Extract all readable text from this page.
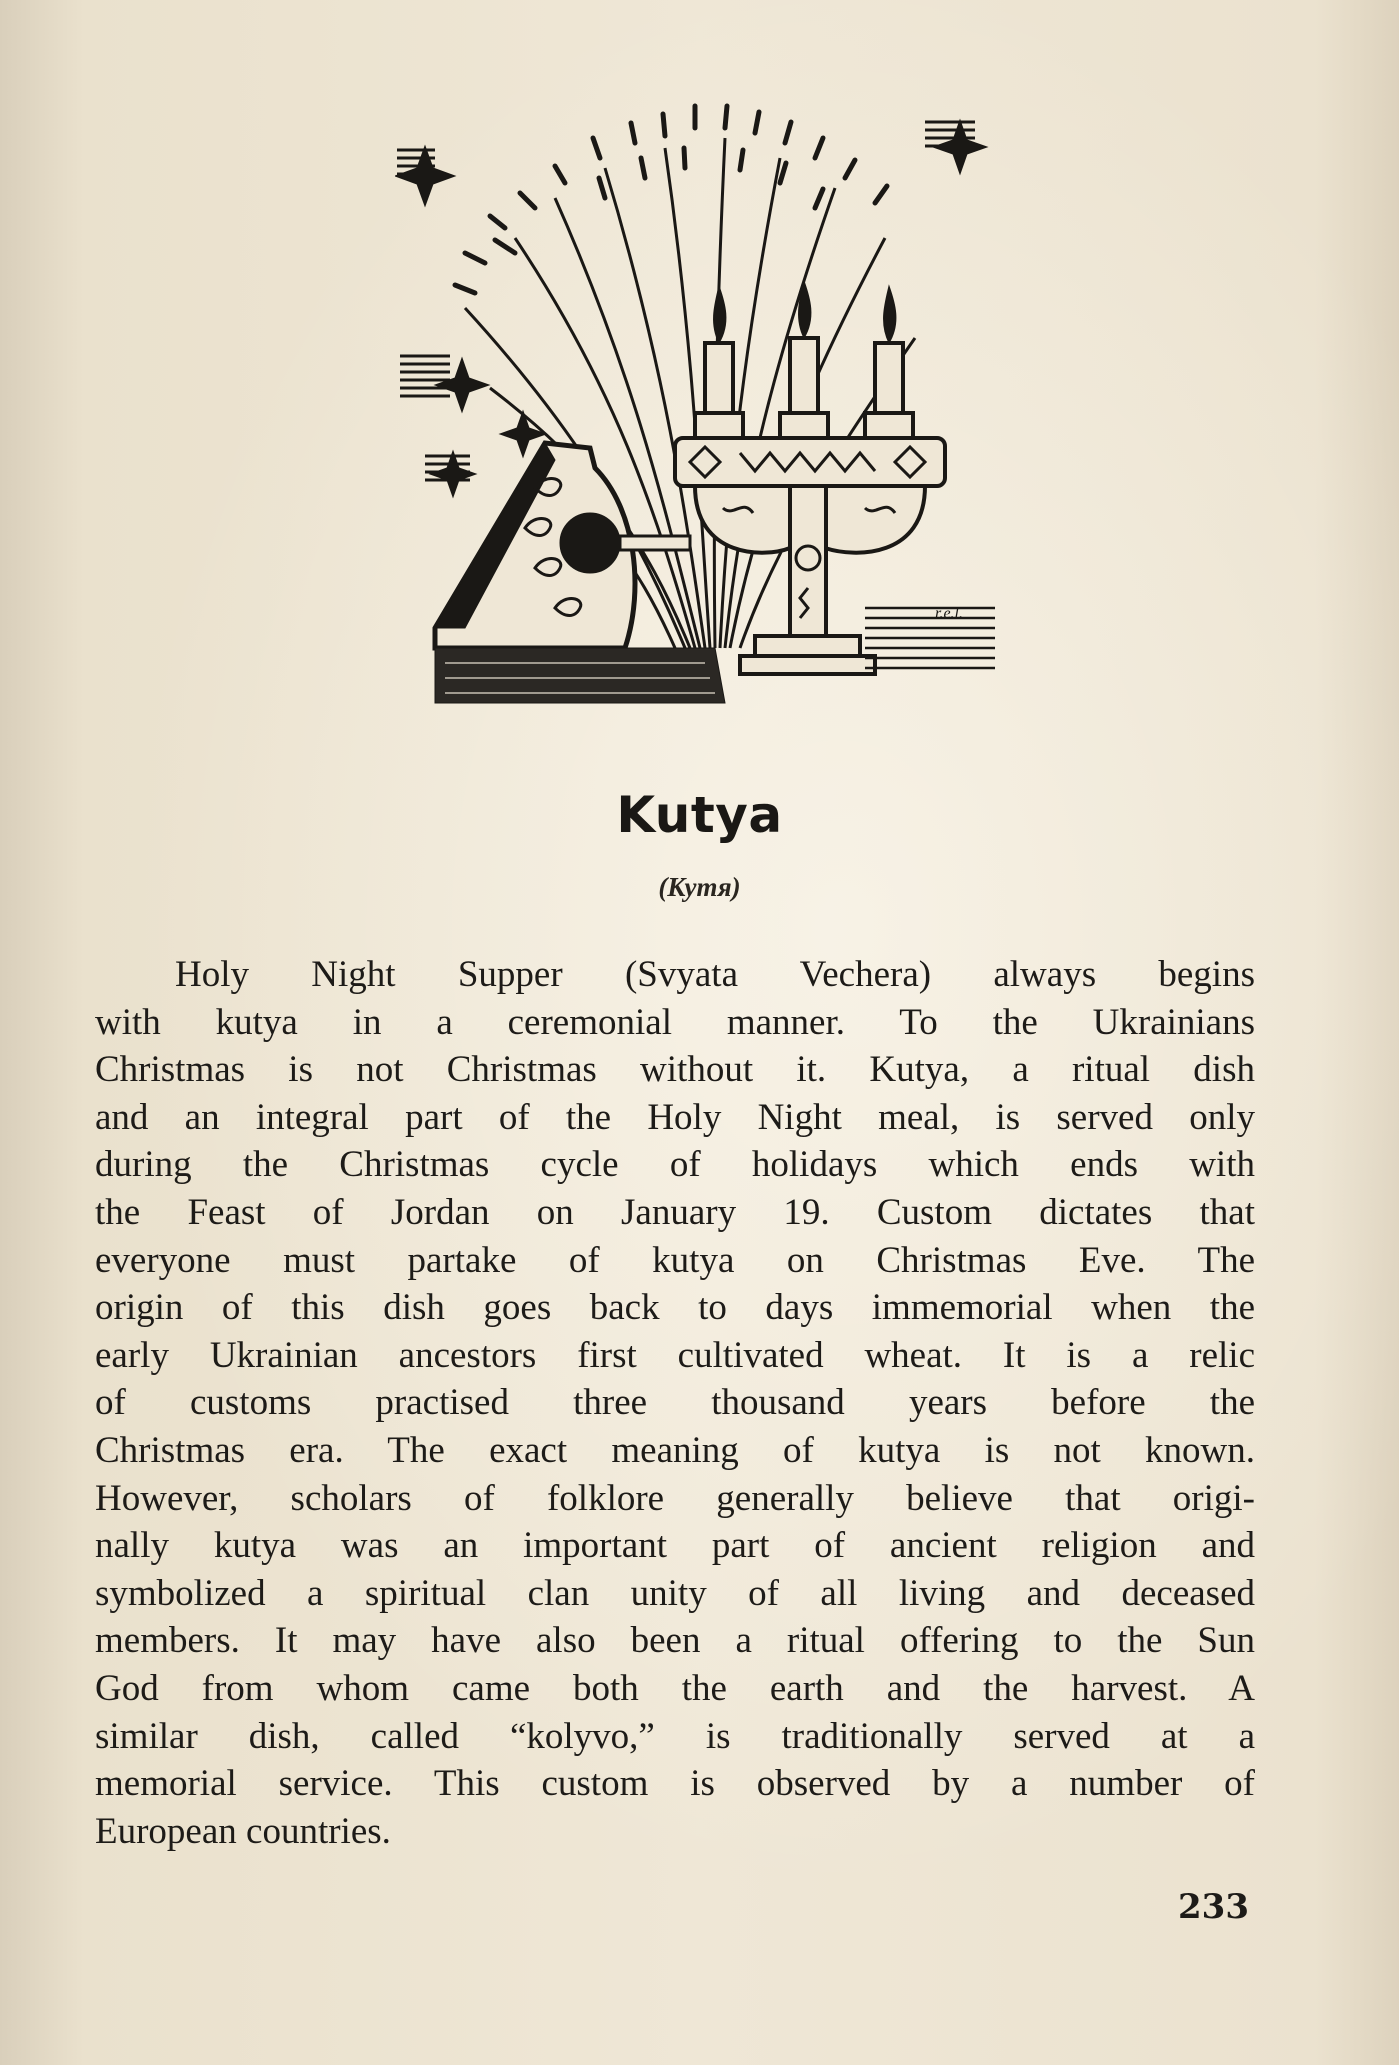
r.e.l.
Kutya
(Кутя)
Holy Night Supper (Svyata Vechera) always begins
with kutya in a ceremonial manner. To the Ukrainians
Christmas is not Christmas without it. Kutya, a ritual dish
and an integral part of the Holy Night meal, is served only
during the Christmas cycle of holidays which ends with
the Feast of Jordan on January 19. Custom dictates that
everyone must partake of kutya on Christmas Eve. The
origin of this dish goes back to days immemorial when the
early Ukrainian ancestors first cultivated wheat. It is a relic
of customs practised three thousand years before the
Christmas era. The exact meaning of kutya is not known.
However, scholars of folklore generally believe that origi-
nally kutya was an important part of ancient religion and
symbolized a spiritual clan unity of all living and deceased
members. It may have also been a ritual offering to the Sun
God from whom came both the earth and the harvest. A
similar dish, called “kolyvo,” is traditionally served at a
memorial service. This custom is observed by a number of
European countries.
233
